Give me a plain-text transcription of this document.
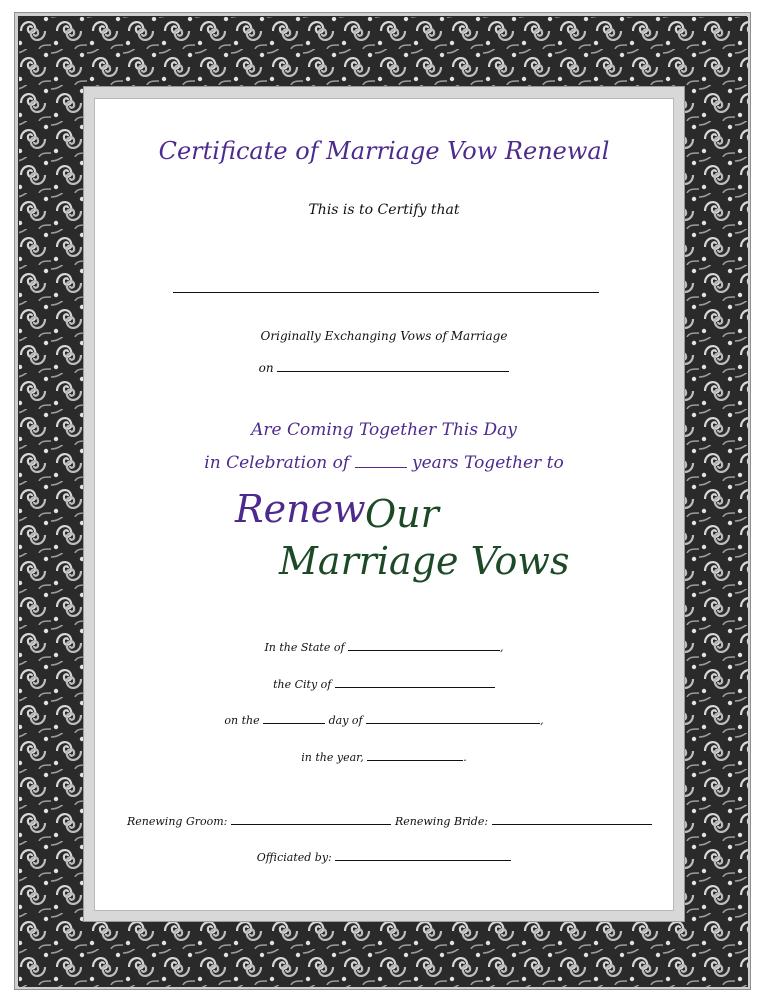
Certificate of Marriage Vow Renewal
This is to Certify that
Originally Exchanging Vows of Marriage
on
Are Coming Together This Day
in Celebration of	years Together to
Renew Our
Marriage Vows
In the State of	,
the City of
on the	day of	,
in the year,	.
Renewing Groom:	Renewing Bride:
Officiated by:
